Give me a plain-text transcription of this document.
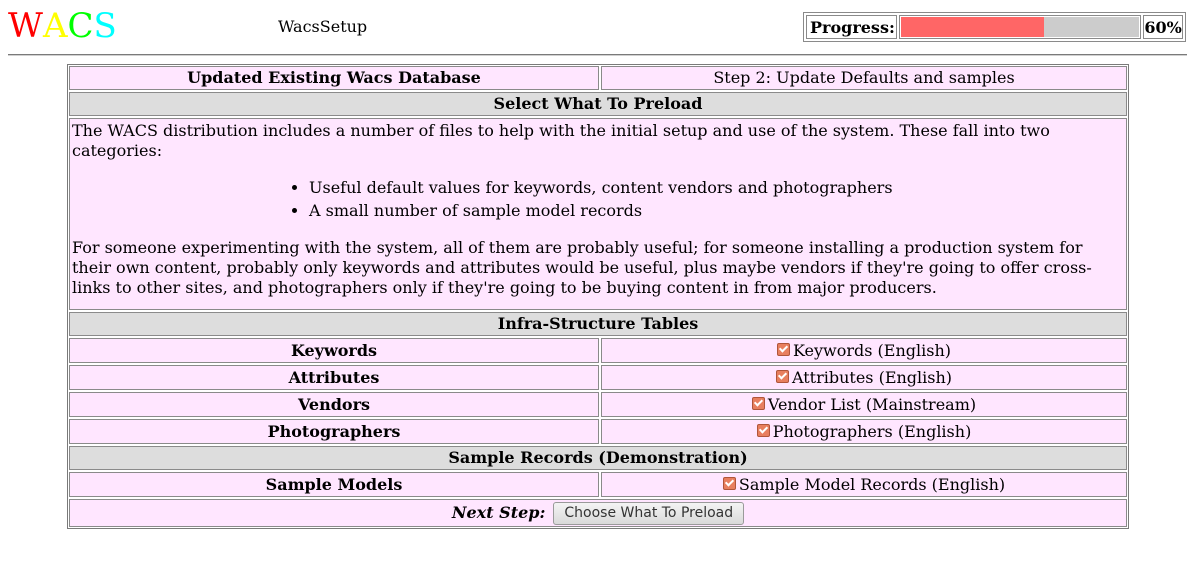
WACS	WacsSetup	Progress:	60%
Updated Existing Wacs Database	Step 2: Update Defaults and samples
Select What To Preload

The WACS distribution includes a number of files to help with the initial setup and use of the system. These fall into two categories:

• Useful default values for keywords, content vendors and photographers
• A small number of sample model records

For someone experimenting with the system, all of them are probably useful; for someone installing a production system for their own content, probably only keywords and attributes would be useful, plus maybe vendors if they're going to offer cross-links to other sites, and photographers only if they're going to be buying content in from major producers.

Infra-Structure Tables
Keywords	Keywords (English)
Attributes	Attributes (English)
Vendors	Vendor List (Mainstream)
Photographers	Photographers (English)
Sample Records (Demonstration)
Sample Models	Sample Model Records (English)
Next Step:	Choose What To Preload
